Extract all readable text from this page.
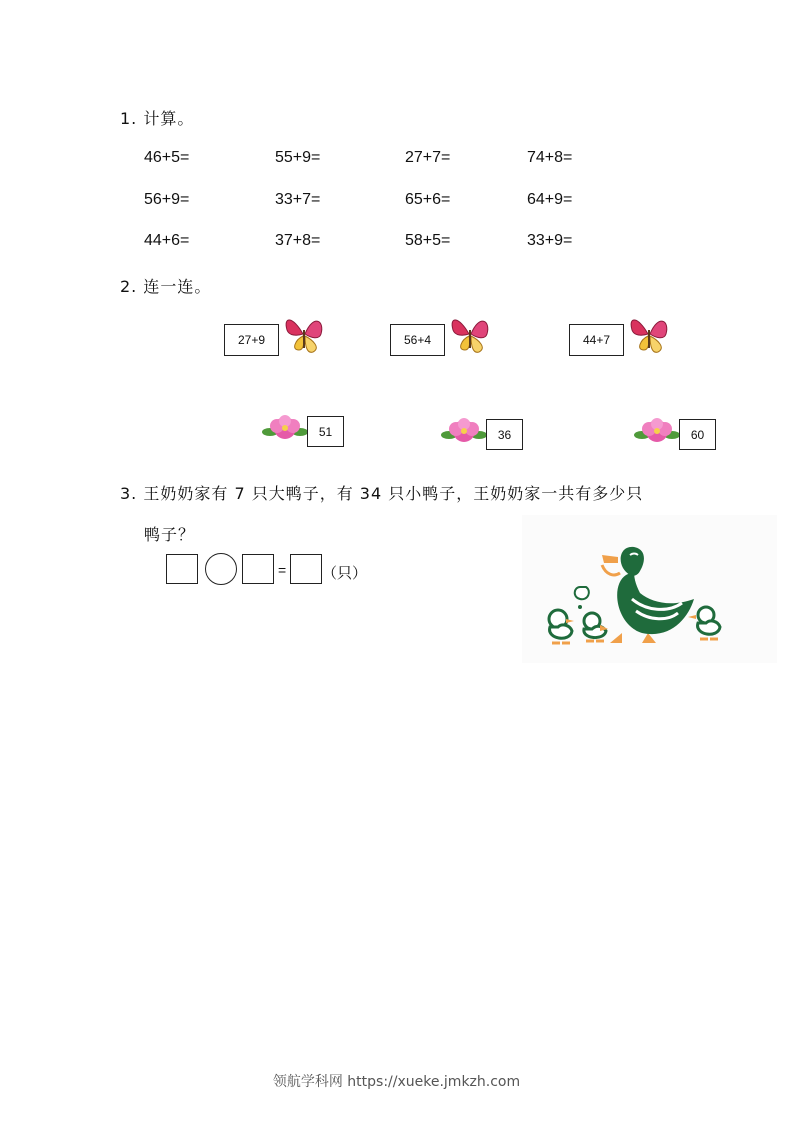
1. 计算。
46+5=	55+9=	27+7=	74+8=
56+9=	33+7=	65+6=	64+9=
44+6=	37+8=	58+5=	33+9=
2. 连一连。
27+9	56+4	44+7
51	36	60
3. 王奶奶家有 7 只大鸭子，有 34 只小鸭子，王奶奶家一共有多少只
鸭子？
= （只）
领航学科网 https://xueke.jmkzh.com
